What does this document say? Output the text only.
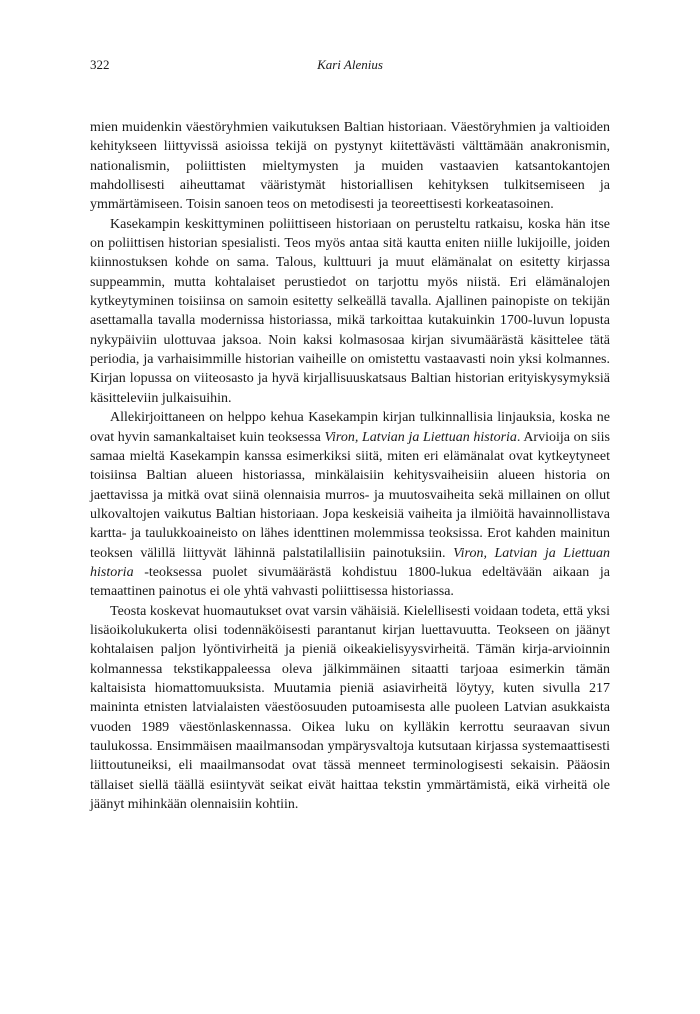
322	Kari Alenius

mien muidenkin väestöryhmien vaikutuksen Baltian historiaan. Väestöryhmien ja valtioiden kehitykseen liittyvissä asioissa tekijä on pystynyt kiitettävästi välttämään anakronismin, nationalismin, poliittisten mieltymysten ja muiden vastaavien katsantokantojen mahdollisesti aiheuttamat vääristymät historiallisen kehityksen tulkitsemiseen ja ymmärtämiseen. Toisin sanoen teos on metodisesti ja teoreettisesti korkeatasoinen.

Kasekampin keskittyminen poliittiseen historiaan on perusteltu ratkaisu, koska hän itse on poliittisen historian spesialisti. Teos myös antaa sitä kautta eniten niille lukijoille, joiden kiinnostuksen kohde on sama. Talous, kulttuuri ja muut elämänalat on esitetty kirjassa suppeammin, mutta kohtalaiset perustiedot on tarjottu myös niistä. Eri elämänalojen kytkeytyminen toisiinsa on samoin esitetty selkeällä tavalla. Ajallinen painopiste on tekijän asettamalla tavalla modernissa historiassa, mikä tarkoittaa kutakuinkin 1700-luvun lopusta nykypäiviin ulottuvaa jaksoa. Noin kaksi kolmasosaa kirjan sivumäärästä käsittelee tätä periodia, ja varhaisimmille historian vaiheille on omistettu vastaavasti noin yksi kolmannes. Kirjan lopussa on viiteosasto ja hyvä kirjallisuuskatsaus Baltian historian erityiskysymyksiä käsitteleviin julkaisuihin.

Allekirjoittaneen on helppo kehua Kasekampin kirjan tulkinnallisia linjauksia, koska ne ovat hyvin samankaltaiset kuin teoksessa Viron, Latvian ja Liettuan historia. Arvioija on siis samaa mieltä Kasekampin kanssa esimerkiksi siitä, miten eri elämänalat ovat kytkeytyneet toisiinsa Baltian alueen historiassa, minkälaisiin kehitysvaiheisiin alueen historia on jaettavissa ja mitkä ovat siinä olennaisia murros- ja muutosvaiheita sekä millainen on ollut ulkovaltojen vaikutus Baltian historiaan. Jopa keskeisiä vaiheita ja ilmiöitä havainnollistava kartta- ja taulukkoaineisto on lähes identtinen molemmissa teoksissa. Erot kahden mainitun teoksen välillä liittyvät lähinnä palstatilallisiin painotuksiin. Viron, Latvian ja Liettuan historia -teoksessa puolet sivumäärästä kohdistuu 1800-lukua edeltävään aikaan ja temaattinen painotus ei ole yhtä vahvasti poliittisessa historiassa.

Teosta koskevat huomautukset ovat varsin vähäisiä. Kielellisesti voidaan todeta, että yksi lisäoikolukukerta olisi todennäköisesti parantanut kirjan luettavuutta. Teokseen on jäänyt kohtalaisen paljon lyöntivirheitä ja pieniä oikeakielisyysvirheitä. Tämän kirja-arvioinnin kolmannessa tekstikappaleessa oleva jälkimmäinen sitaatti tarjoaa esimerkin tämän kaltaisista hiomattomuuksista. Muutamia pieniä asiavirheitä löytyy, kuten sivulla 217 maininta etnisten latvialaisten väestöosuuden putoamisesta alle puoleen Latvian asukkaista vuoden 1989 väestönlaskennassa. Oikea luku on kylläkin kerrottu seuraavan sivun taulukossa. Ensimmäisen maailmansodan ympärysvaltoja kutsutaan kirjassa systemaattisesti liittoutuneiksi, eli maailmansodat ovat tässä menneet terminologisesti sekaisin. Pääosin tällaiset siellä täällä esiintyvät seikat eivät haittaa tekstin ymmärtämistä, eikä virheitä ole jäänyt mihinkään olennaisiin kohtiin.
